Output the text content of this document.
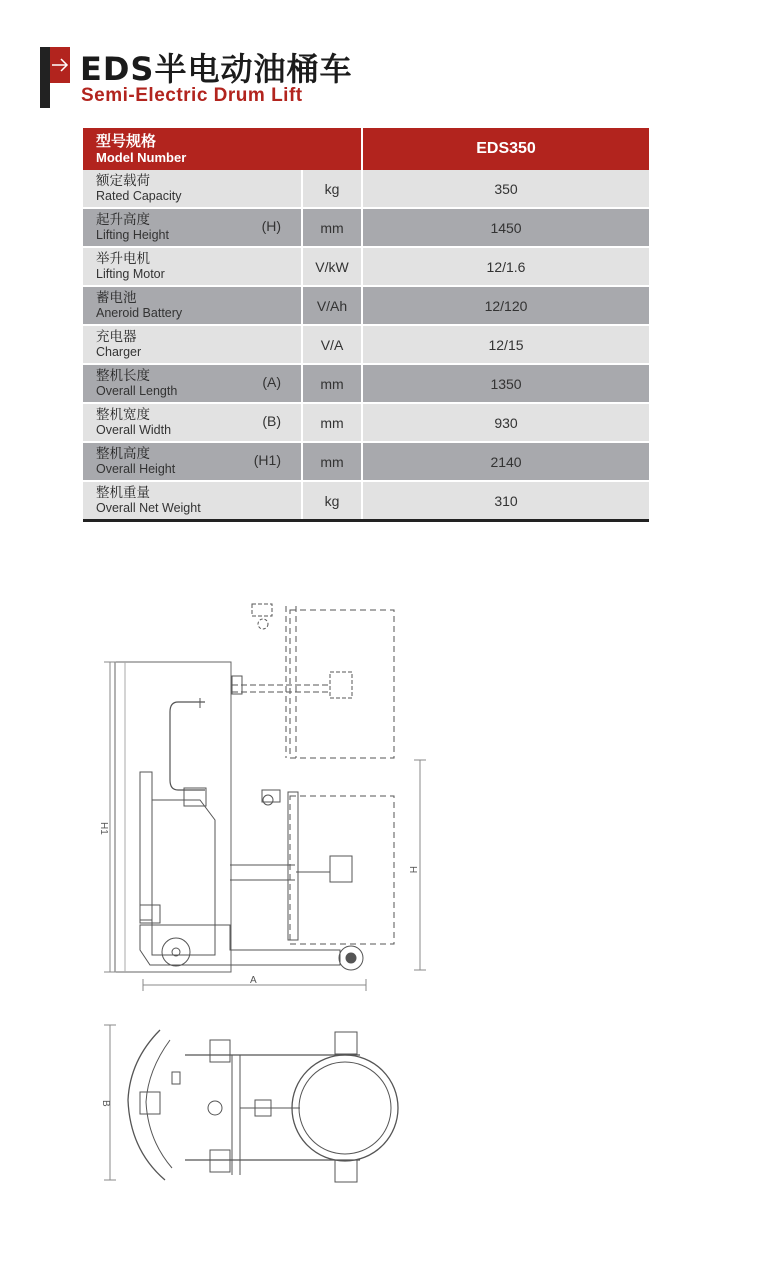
EDS半电动油桶车
Semi-Electric Drum Lift
型号规格
Model Number		EDS350

额定载荷
Rated Capacity	kg	350

起升高度
Lifting Height
(H)	mm	1450

举升电机
Lifting Motor	V/kW	12/1.6

蓄电池
Aneroid Battery	V/Ah	12/120

充电器
Charger	V/A	12/15

整机长度
Overall Length
(A)	mm	1350

整机宽度
Overall Width
(B)	mm	930

整机高度
Overall Height
(H1)	mm	2140

整机重量
Overall Net Weight	kg	310
H1
H
A
B
